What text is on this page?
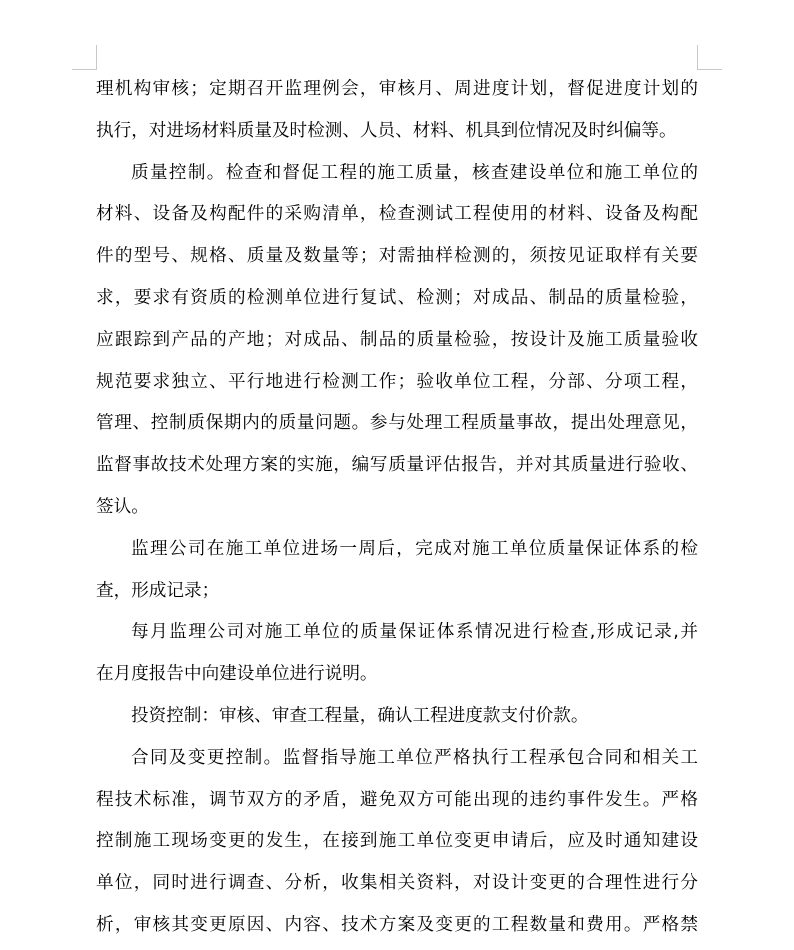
理机构审核；定期召开监理例会，审核月、周进度计划，督促进度计划的
执行，对进场材料质量及时检测、人员、材料、机具到位情况及时纠偏等。
质量控制。检查和督促工程的施工质量，核查建设单位和施工单位的
材料、设备及构配件的采购清单，检查测试工程使用的材料、设备及构配
件的型号、规格、质量及数量等；对需抽样检测的，须按见证取样有关要
求，要求有资质的检测单位进行复试、检测；对成品、制品的质量检验，
应跟踪到产品的产地；对成品、制品的质量检验，按设计及施工质量验收
规范要求独立、平行地进行检测工作；验收单位工程，分部、分项工程，
管理、控制质保期内的质量问题。参与处理工程质量事故，提出处理意见，
监督事故技术处理方案的实施，编写质量评估报告，并对其质量进行验收、
签认。
监理公司在施工单位进场一周后，完成对施工单位质量保证体系的检
查，形成记录；
每月监理公司对施工单位的质量保证体系情况进行检查,形成记录,并
在月度报告中向建设单位进行说明。
投资控制：审核、审查工程量，确认工程进度款支付价款。
合同及变更控制。监督指导施工单位严格执行工程承包合同和相关工
程技术标准，调节双方的矛盾，避免双方可能出现的违约事件发生。严格
控制施工现场变更的发生，在接到施工单位变更申请后，应及时通知建设
单位，同时进行调查、分析，收集相关资料，对设计变更的合理性进行分
析，审核其变更原因、内容、技术方案及变更的工程数量和费用。严格禁
